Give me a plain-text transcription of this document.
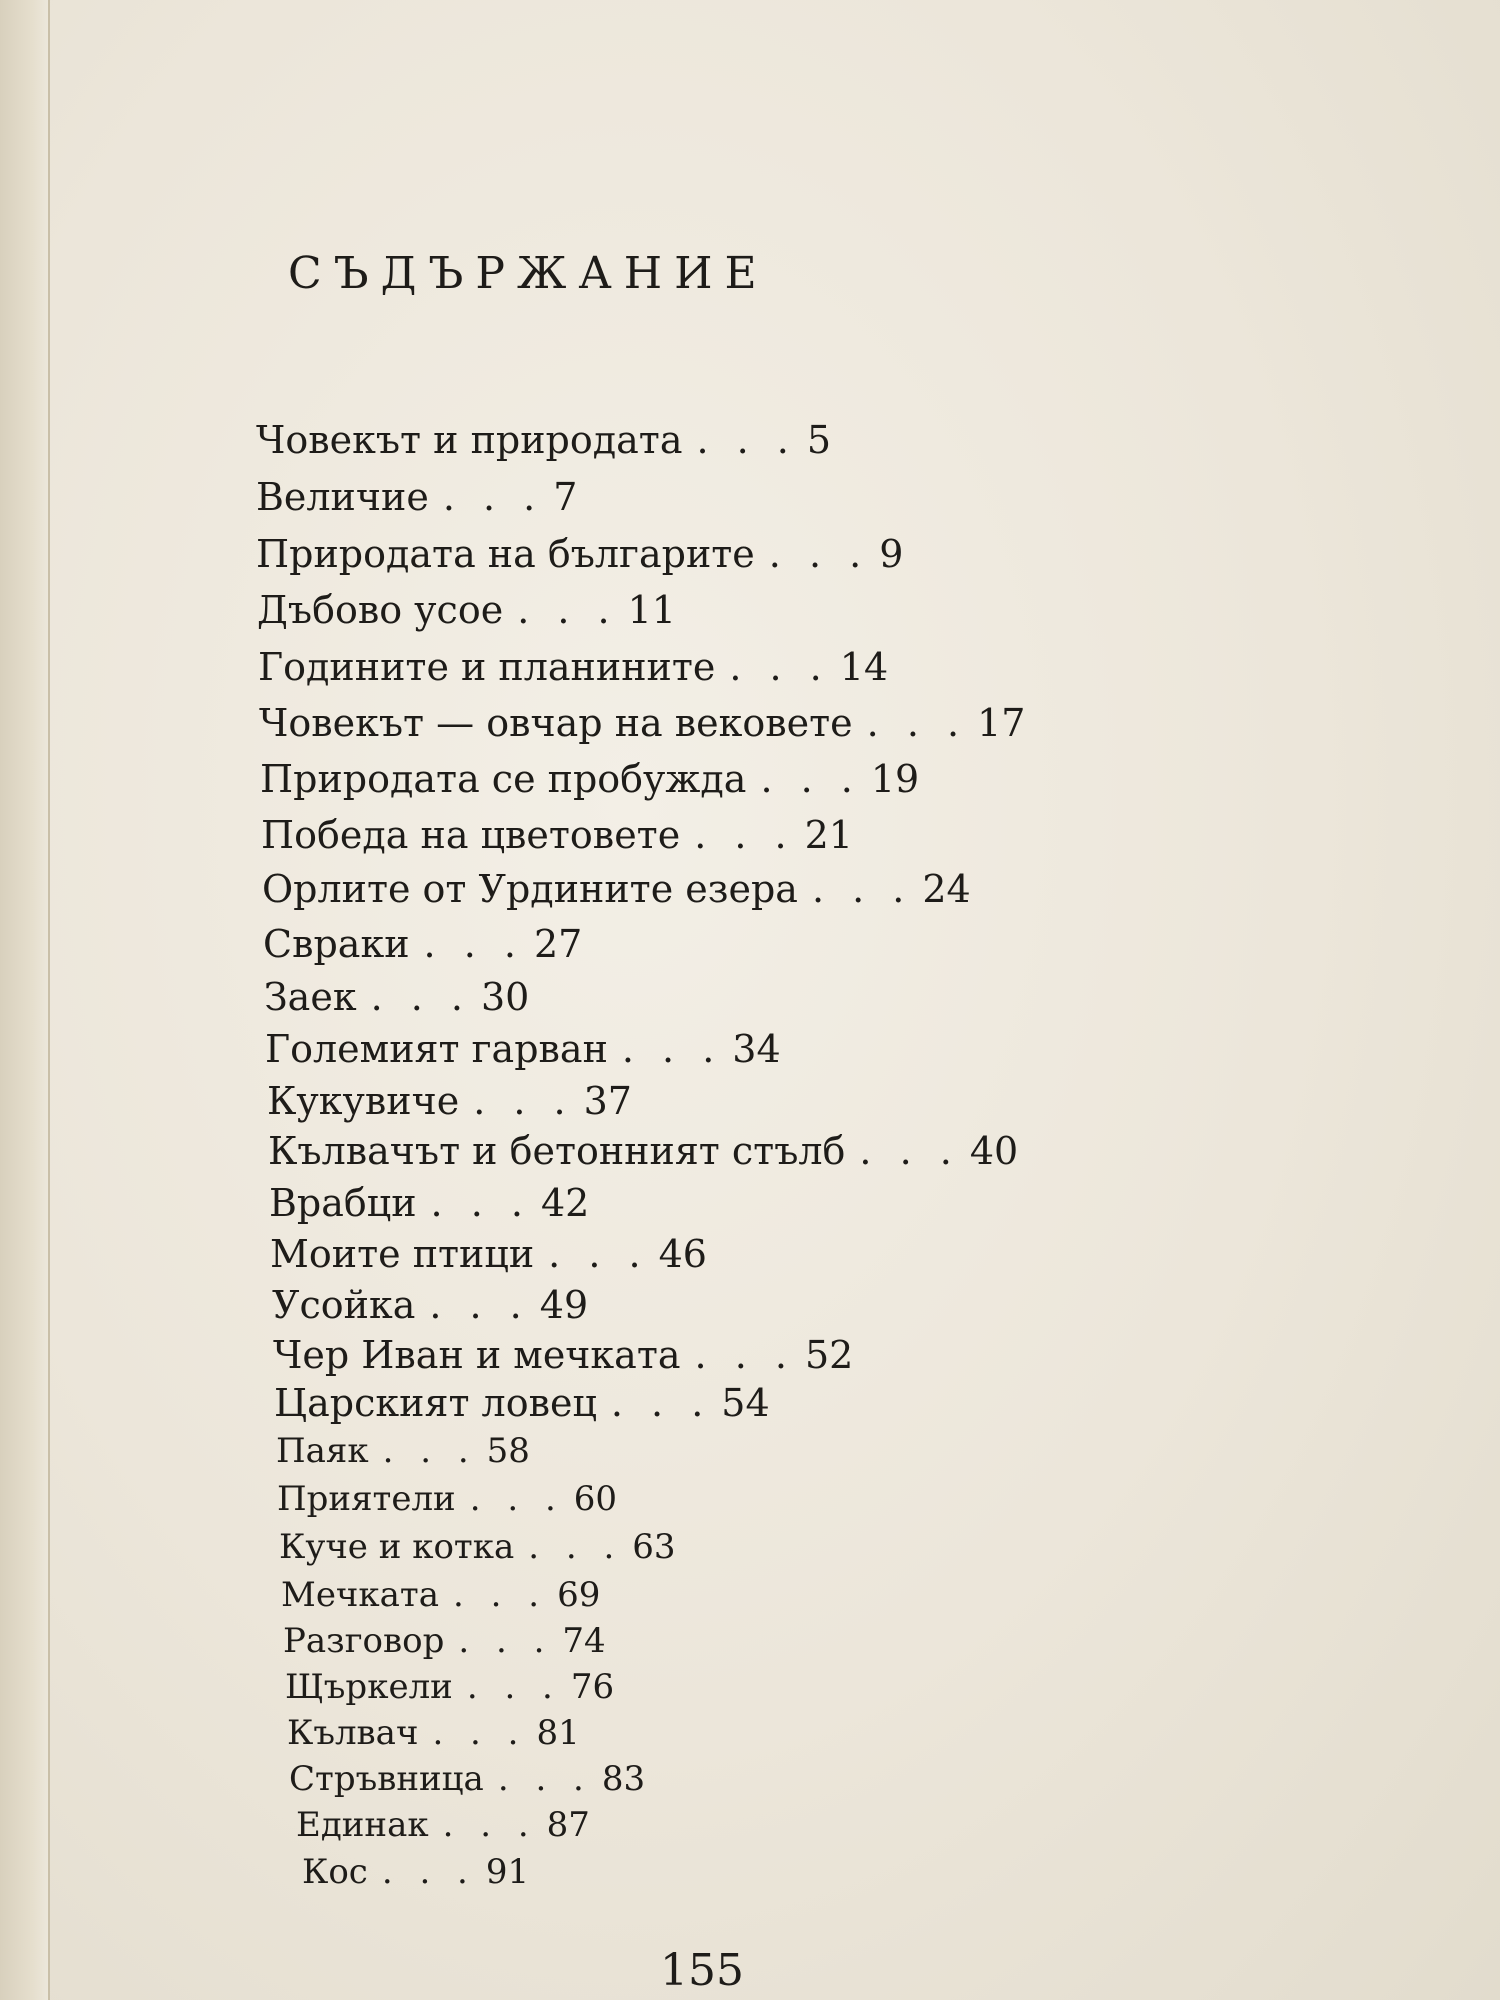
СЪДЪРЖАНИЕ
Човекът и природата . . . 5
Величие . . . 7
Природата на българите . . . 9
Дъбово усое . . . 11
Годините и планините . . . 14
Човекът — овчар на вековете . . . 17
Природата се пробужда . . . 19
Победа на цветовете . . . 21
Орлите от Урдините езера . . . 24
Свраки . . . 27
Заек . . . 30
Големият гарван . . . 34
Кукувиче . . . 37
Кълвачът и бетонният стълб . . . 40
Врабци . . . 42
Моите птици . . . 46
Усойка . . . 49
Чер Иван и мечката . . . 52
Царският ловец . . . 54
Паяк . . . 58
Приятели . . . 60
Куче и котка . . . 63
Мечката . . . 69
Разговор . . . 74
Щъркели . . . 76
Кълвач . . . 81
Стръвница . . . 83
Единак . . . 87
Кос . . . 91
155
